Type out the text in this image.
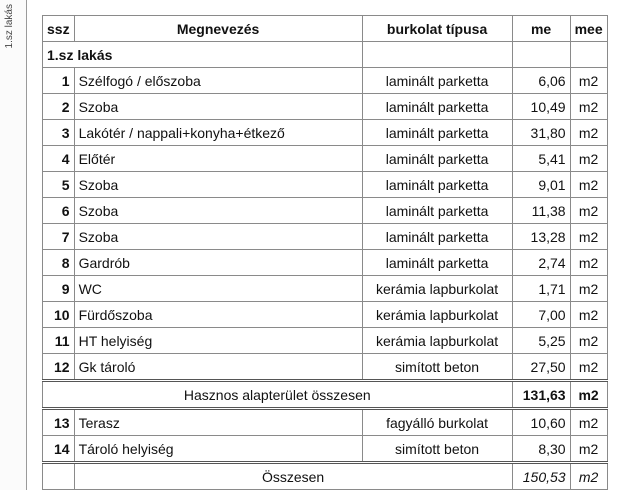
1.sz lakás ssz	Megnevezés	burkolat típusa	me	mee
1.sz lakás				
1	Szélfogó / előszoba	laminált parketta	6,06	m2
2	Szoba	laminált parketta	10,49	m2
3	Lakótér / nappali+konyha+étkező	laminált parketta	31,80	m2
4	Előtér	laminált parketta	5,41	m2
5	Szoba	laminált parketta	9,01	m2
6	Szoba	laminált parketta	11,38	m2
7	Szoba	laminált parketta	13,28	m2
8	Gardrób	laminált parketta	2,74	m2
9	WC	kerámia lapburkolat	1,71	m2
10	Fürdőszoba	kerámia lapburkolat	7,00	m2
11	HT helyiség	kerámia lapburkolat	5,25	m2
12	Gk tároló	simított beton	27,50	m2
Hasznos alapterület összesen			131,63	m2
13	Terasz	fagyálló burkolat	10,60	m2
14	Tároló helyiség	simított beton	8,30	m2
	Összesen		150,53	m2
